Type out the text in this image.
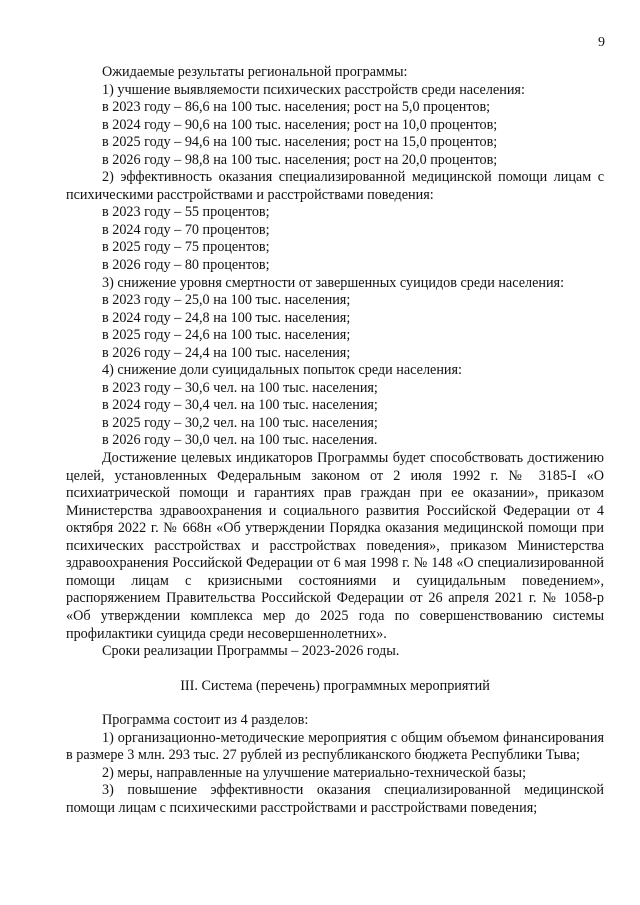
9

Ожидаемые результаты региональной программы:

1) учшение выявляемости психических расстройств среди населения:

в 2023 году – 86,6 на 100 тыс. населения; рост на 5,0 процентов;

в 2024 году – 90,6 на 100 тыс. населения; рост на 10,0 процентов;

в 2025 году – 94,6 на 100 тыс. населения; рост на 15,0 процентов;

в 2026 году – 98,8 на 100 тыс. населения; рост на 20,0 процентов;

2) эффективность оказания специализированной медицинской помощи лицам с психическими расстройствами и расстройствами поведения:

в 2023 году – 55 процентов;

в 2024 году – 70 процентов;

в 2025 году – 75 процентов;

в 2026 году – 80 процентов;

3) снижение уровня смертности от завершенных суицидов среди населения:

в 2023 году – 25,0 на 100 тыс. населения;

в 2024 году – 24,8 на 100 тыс. населения;

в 2025 году – 24,6 на 100 тыс. населения;

в 2026 году – 24,4 на 100 тыс. населения;

4) снижение доли суицидальных попыток среди населения:

в 2023 году – 30,6 чел. на 100 тыс. населения;

в 2024 году – 30,4 чел. на 100 тыс. населения;

в 2025 году – 30,2 чел. на 100 тыс. населения;

в 2026 году – 30,0 чел. на 100 тыс. населения.

Достижение целевых индикаторов Программы будет способствовать достижению целей, установленных Федеральным законом от 2 июля 1992 г. № 3185-I «О психиатрической помощи и гарантиях прав граждан при ее оказании», приказом Министерства здравоохранения и социального развития Российской Федерации от 4 октября 2022 г. № 668н «Об утверждении Порядка оказания медицинской помощи при психических расстройствах и расстройствах поведения», приказом Министерства здравоохранения Российской Федерации от 6 мая 1998 г. № 148 «О специализированной помощи лицам с кризисными состояниями и суицидальным поведением», распоряжением Правительства Российской Федерации от 26 апреля 2021 г. № 1058-р «Об утверждении комплекса мер до 2025 года по совершенствованию системы профилактики суицида среди несовершеннолетних».

Сроки реализации Программы – 2023-2026 годы.

III. Система (перечень) программных мероприятий

Программа состоит из 4 разделов:

1) организационно-методические мероприятия с общим объемом финансирования в размере 3 млн. 293 тыс. 27 рублей из республиканского бюджета Республики Тыва;

2) меры, направленные на улучшение материально-технической базы;

3) повышение эффективности оказания специализированной медицинской помощи лицам с психическими расстройствами и расстройствами поведения;
